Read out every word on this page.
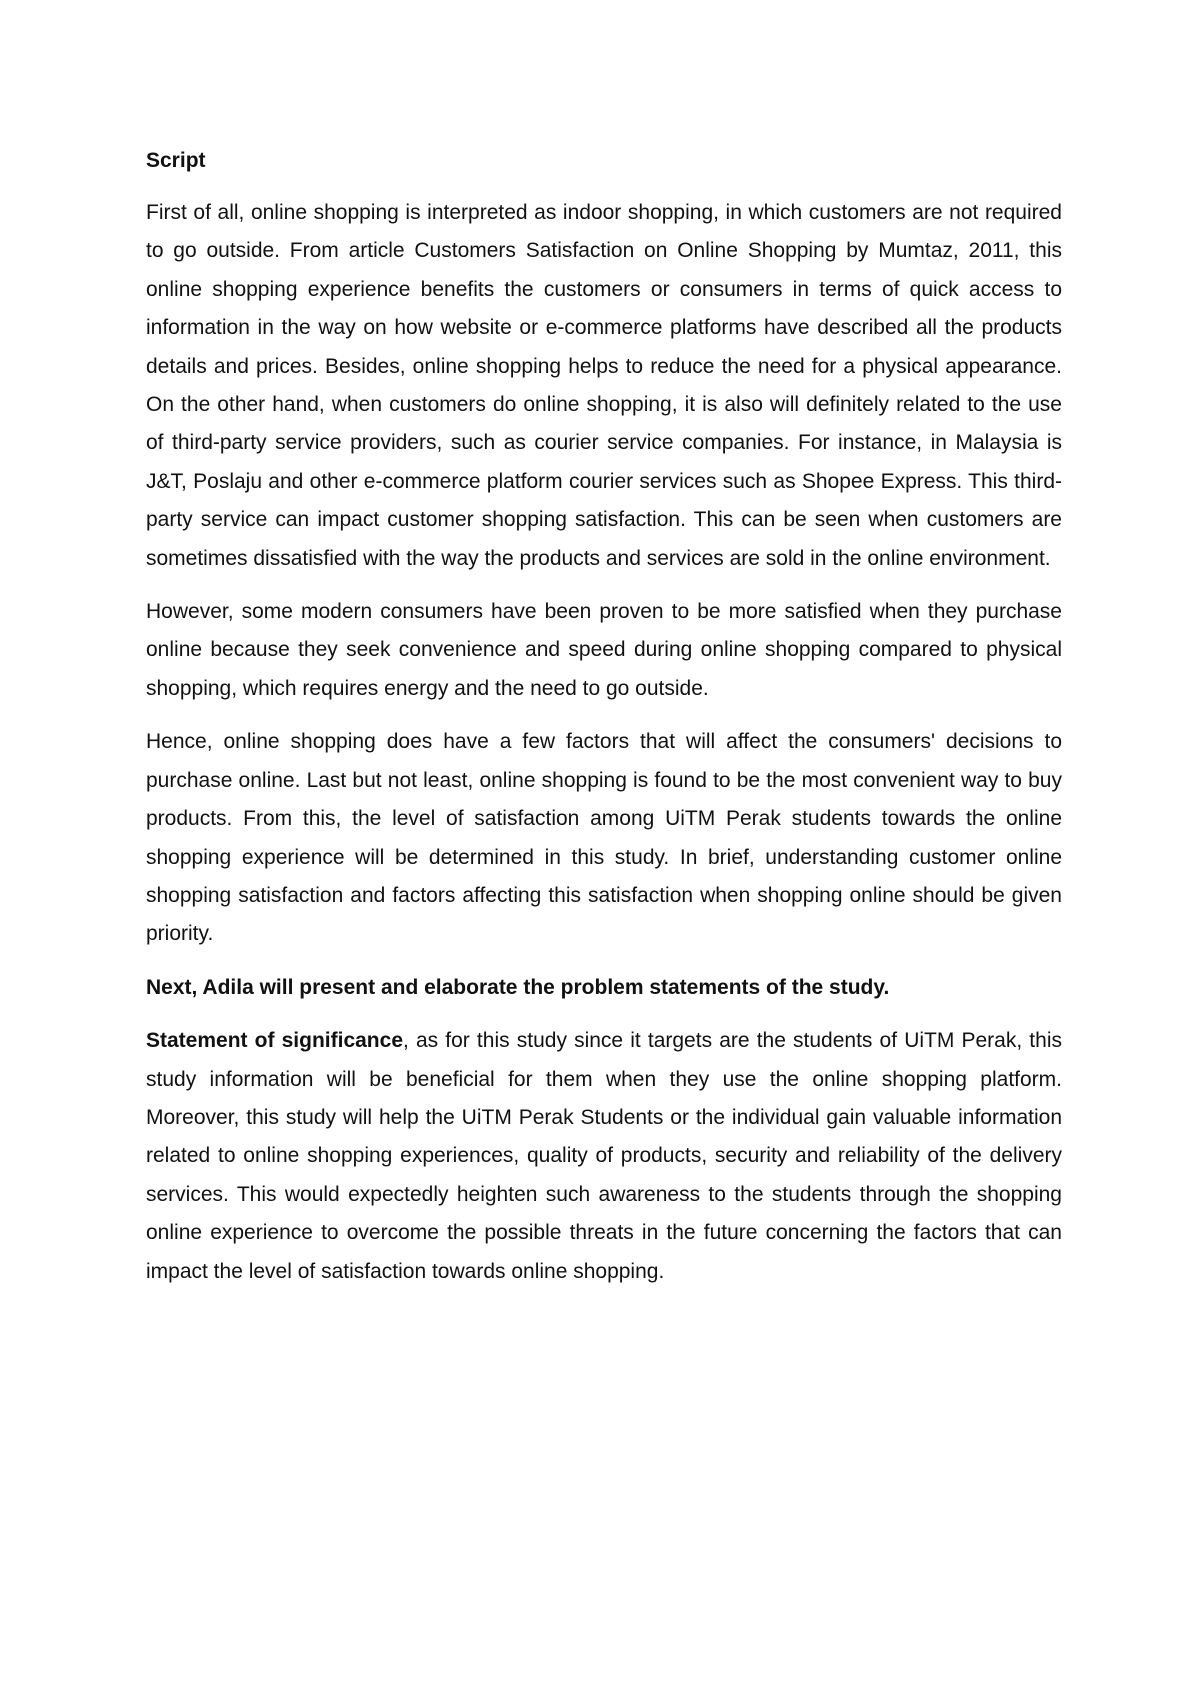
Script

First of all, online shopping is interpreted as indoor shopping, in which customers are not required to go outside. From article Customers Satisfaction on Online Shopping by Mumtaz, 2011, this online shopping experience benefits the customers or consumers in terms of quick access to information in the way on how website or e-commerce platforms have described all the products details and prices. Besides, online shopping helps to reduce the need for a physical appearance. On the other hand, when customers do online shopping, it is also will definitely related to the use of third-party service providers, such as courier service companies. For instance, in Malaysia is J&T, Poslaju and other e-commerce platform courier services such as Shopee Express. This third-party service can impact customer shopping satisfaction. This can be seen when customers are sometimes dissatisfied with the way the products and services are sold in the online environment.

However, some modern consumers have been proven to be more satisfied when they purchase online because they seek convenience and speed during online shopping compared to physical shopping, which requires energy and the need to go outside.

Hence, online shopping does have a few factors that will affect the consumers' decisions to purchase online. Last but not least, online shopping is found to be the most convenient way to buy products. From this, the level of satisfaction among UiTM Perak students towards the online shopping experience will be determined in this study. In brief, understanding customer online shopping satisfaction and factors affecting this satisfaction when shopping online should be given priority.

Next, Adila will present and elaborate the problem statements of the study.

Statement of significance, as for this study since it targets are the students of UiTM Perak, this study information will be beneficial for them when they use the online shopping platform. Moreover, this study will help the UiTM Perak Students or the individual gain valuable information related to online shopping experiences, quality of products, security and reliability of the delivery services. This would expectedly heighten such awareness to the students through the shopping online experience to overcome the possible threats in the future concerning the factors that can impact the level of satisfaction towards online shopping.
